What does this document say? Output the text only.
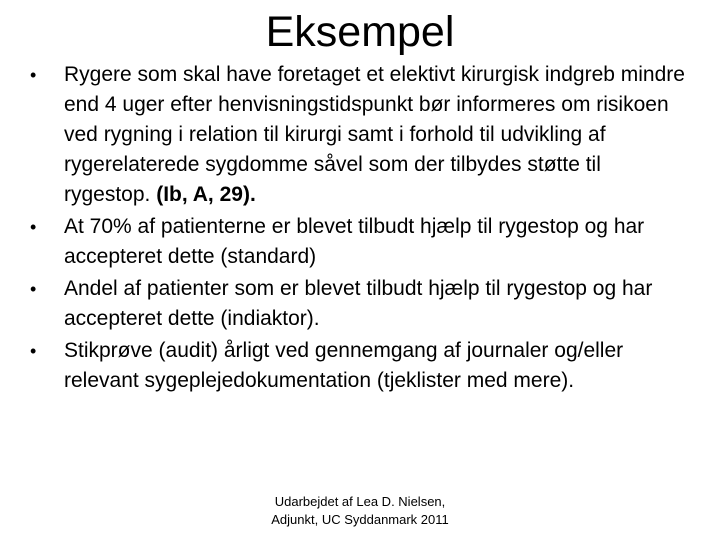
Eksempel
•	Rygere som skal have foretaget et elektivt kirurgisk indgreb mindre end 4 uger efter henvisningstidspunkt bør informeres om risikoen ved rygning i relation til kirurgi samt i forhold til udvikling af rygerelaterede sygdomme såvel som der tilbydes støtte til rygestop. (Ib, A, 29).
•	At 70% af patienterne er blevet tilbudt hjælp til rygestop og har accepteret dette (standard)
•	Andel af patienter som er blevet tilbudt hjælp til rygestop og har accepteret dette (indiaktor).
•	Stikprøve (audit) årligt ved gennemgang af journaler og/eller relevant sygeplejedokumentation (tjeklister med mere).
Udarbejdet af Lea D. Nielsen,
Adjunkt, UC Syddanmark 2011
